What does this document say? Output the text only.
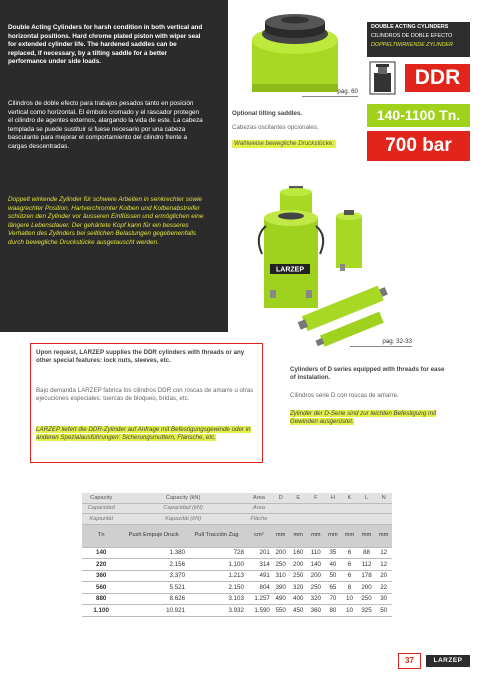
Double Acting Cylinders for harsh condition in both vertical and horizontal positions. Hard chrome plated piston with wiper seal for extended cylinder life. The hardened saddles can be replaced, if necessary, by a tilting saddle for a better performance under side loads.

Cilindros de doble efecto para trabajos pesados tanto en posición vertical como horizontal. El émbolo cromado y el rascador protegen el cilindro de agentes externos, alargando la vida de este. La cabeza templada se puede sustituir si fuese necesario por una cabeza basculante para mejorar el comportamiento del cilindro frente a cargas descentradas.

Doppelt wirkende Zylinder für schwere Arbeiten in senkrechter sowie waagrechter Position. Hartverchromter Kolben und Kolbenabstreifer schützen den Zylinder vor äusseren Einflüssen und ermöglichen eine längere Lebensdauer. Der gehärtete Kopf kann für ein besseres Verhalten des Zylinders bei seitlichen Belastungen gegebenenfalls durch bewegliche Druckstücke ausgetauscht werden.

pag. 60
Optional tilting saddles.
Cabezas oscilantes opcionales.
Wahlweise bewegliche Druckstücke.
DOUBLE ACTING CYLINDERS
CILINDROS DE DOBLE EFECTO
DOPPELTWIRKENDE ZYLINDER
DDR
140-1100 Tn.
700 bar
LARZEP
pag. 32-33

Upon request, LARZEP supplies the DDR cylinders with threads or any other special features: lock nuts, sleeves, etc.

Bajo demanda LARZEP fabrica los cilindros DDR con roscas de amarre u otras ejecuciones especiales: tuercas de bloqueo, bridas, etc.

LARZEP liefert die DDR-Zylinder auf Anfrage mit Befestigungsgewinde oder in anderen Spezialausführungen: Sicherungsmuttern, Flansche, etc.

Cylinders of D series equipped with threads for ease of instalation.

Cilindros serie D con roscas de amarre.

Zylinder der D-Serie sind zur leichten Befestigung mit Gewinden ausgerüstet.

Capacity	Capacity (kN)		Area	D	E	F	H	K	L	N
Capacidad	Capacidad (kN)		Area							
Kapazität	Kapazität (kN)		Fläche							
Tn	Push Empuje Druck	Pull Tracción Zug	cm²	mm	mm	mm	mm	mm	mm	mm
140	1.380	728	201	200	160	110	35	6	88	12
220	2.156	1.100	314	250	200	140	40	6	112	12
360	3.370	1.213	491	310	250	200	50	6	178	20
560	5.521	2.150	804	390	320	250	65	8	200	22
880	8.626	3.103	1.257	490	400	320	70	10	250	30
1.100	10.921	3.932	1.590	550	450	360	80	10	325	50
37	LARZEP
